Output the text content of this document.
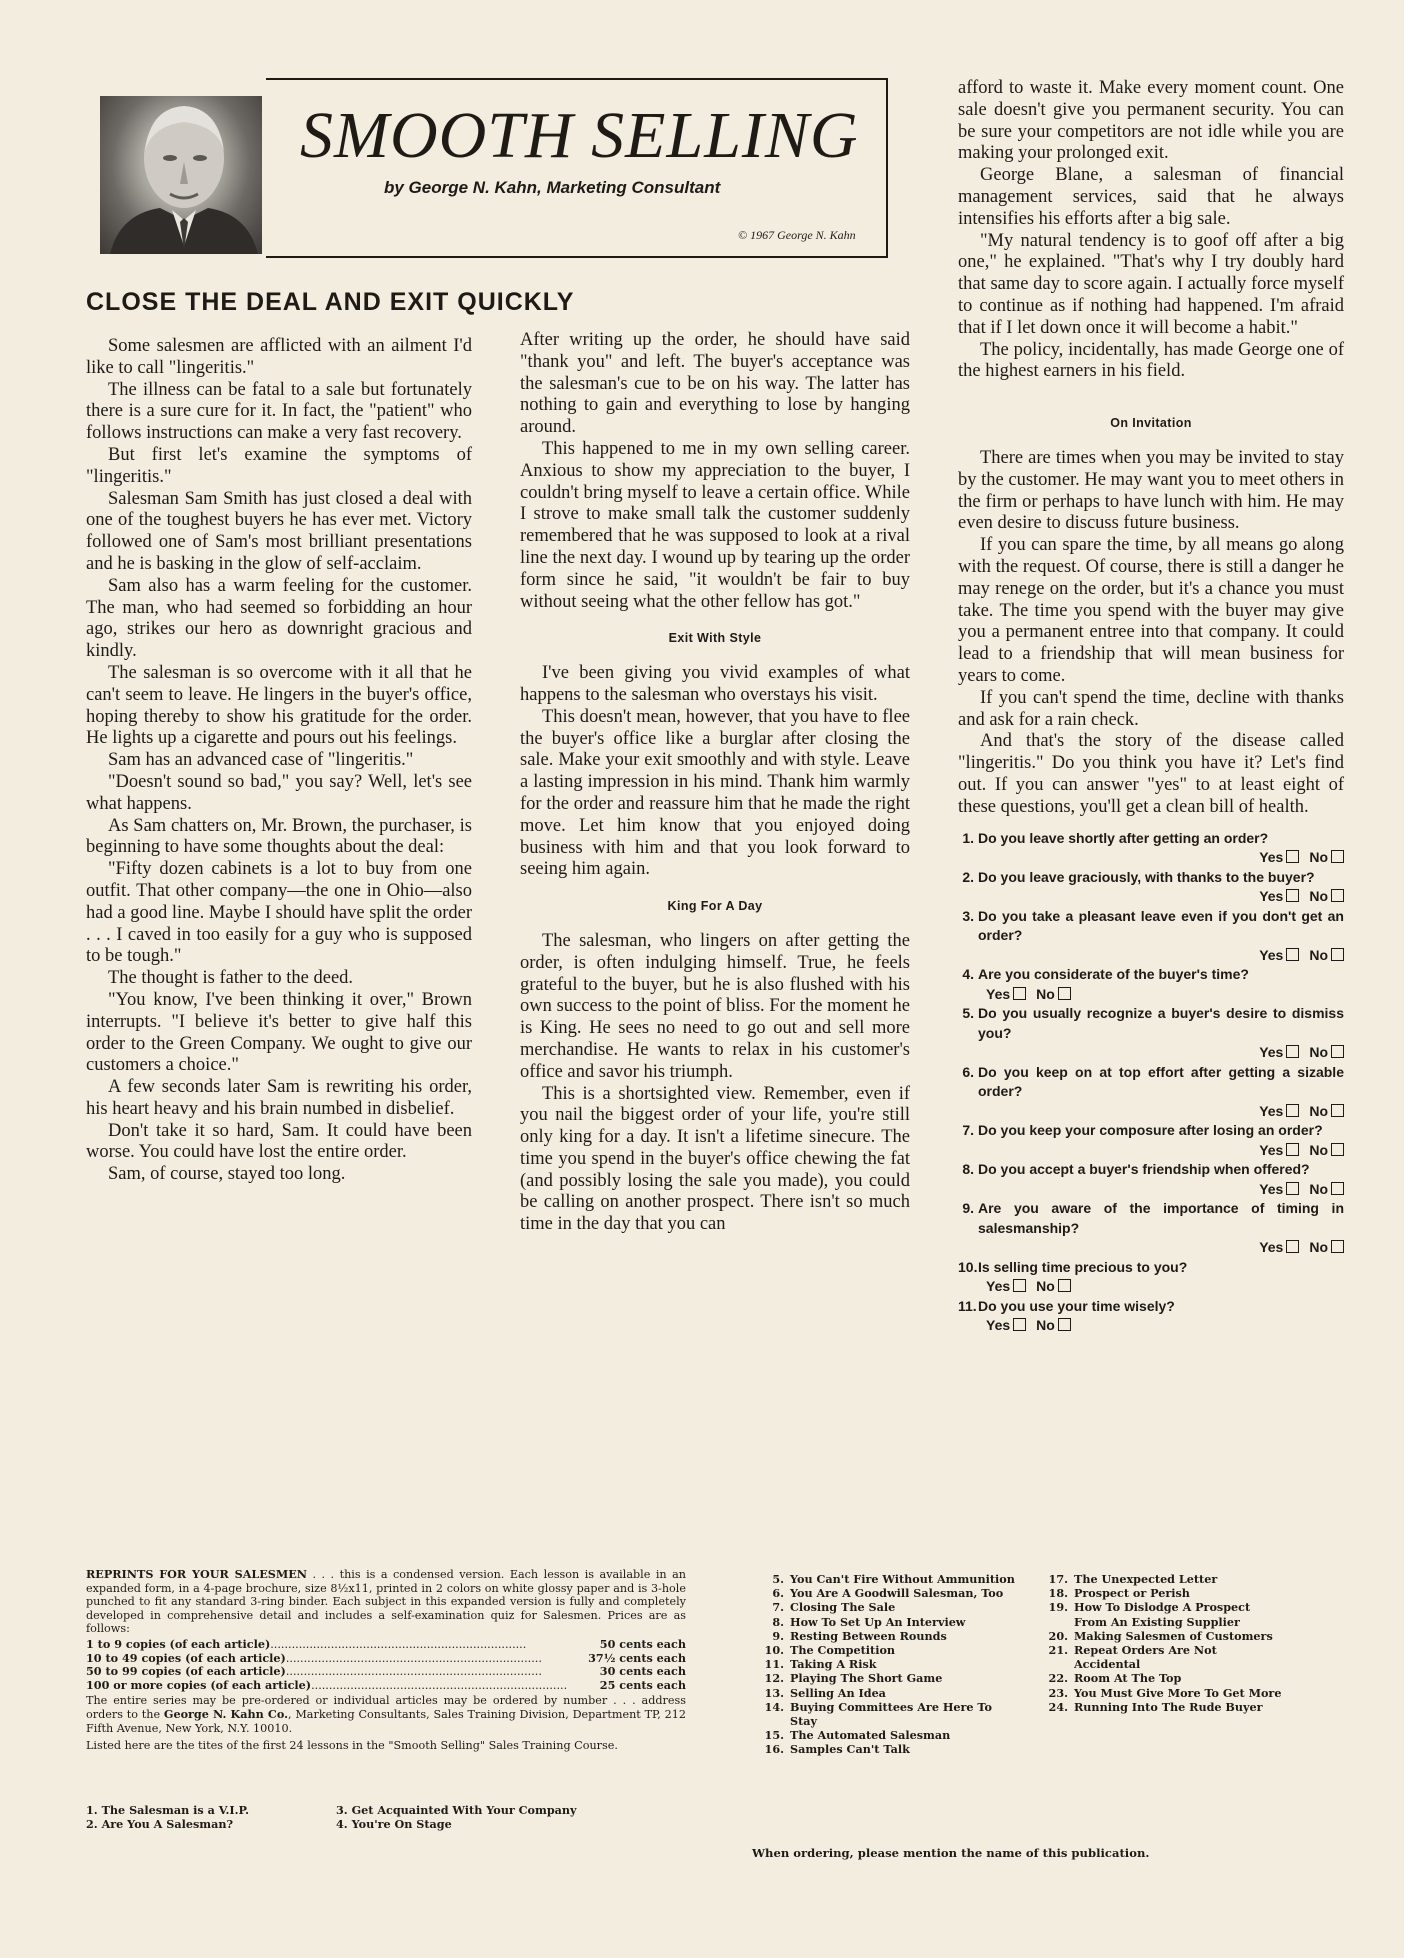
SMOOTH SELLING
by George N. Kahn, Marketing Consultant
© 1967 George N. Kahn
CLOSE THE DEAL AND EXIT QUICKLY

Some salesmen are afflicted with an ailment I'd like to call "lingeritis."

The illness can be fatal to a sale but fortunately there is a sure cure for it. In fact, the "patient" who follows instructions can make a very fast recovery.

But first let's examine the symptoms of "lingeritis."

Salesman Sam Smith has just closed a deal with one of the toughest buyers he has ever met. Victory followed one of Sam's most brilliant presentations and he is basking in the glow of self-acclaim.

Sam also has a warm feeling for the customer. The man, who had seemed so forbidding an hour ago, strikes our hero as downright gracious and kindly.

The salesman is so overcome with it all that he can't seem to leave. He lingers in the buyer's office, hoping thereby to show his gratitude for the order. He lights up a cigarette and pours out his feelings.

Sam has an advanced case of "lingeritis."

"Doesn't sound so bad," you say? Well, let's see what happens.

As Sam chatters on, Mr. Brown, the purchaser, is beginning to have some thoughts about the deal:

"Fifty dozen cabinets is a lot to buy from one outfit. That other company—the one in Ohio—also had a good line. Maybe I should have split the order . . . I caved in too easily for a guy who is supposed to be tough."

The thought is father to the deed.

"You know, I've been thinking it over," Brown interrupts. "I believe it's better to give half this order to the Green Company. We ought to give our customers a choice."

A few seconds later Sam is rewriting his order, his heart heavy and his brain numbed in disbelief.

Don't take it so hard, Sam. It could have been worse. You could have lost the entire order.

Sam, of course, stayed too long.

After writing up the order, he should have said "thank you" and left. The buyer's acceptance was the salesman's cue to be on his way. The latter has nothing to gain and everything to lose by hanging around.

This happened to me in my own selling career. Anxious to show my appreciation to the buyer, I couldn't bring myself to leave a certain office. While I strove to make small talk the customer suddenly remembered that he was supposed to look at a rival line the next day. I wound up by tearing up the order form since he said, "it wouldn't be fair to buy without seeing what the other fellow has got."

Exit With Style

I've been giving you vivid examples of what happens to the salesman who overstays his visit.

This doesn't mean, however, that you have to flee the buyer's office like a burglar after closing the sale. Make your exit smoothly and with style. Leave a lasting impression in his mind. Thank him warmly for the order and reassure him that he made the right move. Let him know that you enjoyed doing business with him and that you look forward to seeing him again.

King For A Day

The salesman, who lingers on after getting the order, is often indulging himself. True, he feels grateful to the buyer, but he is also flushed with his own success to the point of bliss. For the moment he is King. He sees no need to go out and sell more merchandise. He wants to relax in his customer's office and savor his triumph.

This is a shortsighted view. Remember, even if you nail the biggest order of your life, you're still only king for a day. It isn't a lifetime sinecure. The time you spend in the buyer's office chewing the fat (and possibly losing the sale you made), you could be calling on another prospect. There isn't so much time in the day that you can

afford to waste it. Make every moment count. One sale doesn't give you permanent security. You can be sure your competitors are not idle while you are making your prolonged exit.

George Blane, a salesman of financial management services, said that he always intensifies his efforts after a big sale.

"My natural tendency is to goof off after a big one," he explained. "That's why I try doubly hard that same day to score again. I actually force myself to continue as if nothing had happened. I'm afraid that if I let down once it will become a habit."

The policy, incidentally, has made George one of the highest earners in his field.

On Invitation

There are times when you may be invited to stay by the customer. He may want you to meet others in the firm or perhaps to have lunch with him. He may even desire to discuss future business.

If you can spare the time, by all means go along with the request. Of course, there is still a danger he may renege on the order, but it's a chance you must take. The time you spend with the buyer may give you a permanent entree into that company. It could lead to a friendship that will mean business for years to come.

If you can't spend the time, decline with thanks and ask for a rain check.

And that's the story of the disease called "lingeritis." Do you think you have it? Let's find out. If you can answer "yes" to at least eight of these questions, you'll get a clean bill of health.

1. Do you leave shortly after getting an order?
Yes	No
2. Do you leave graciously, with thanks to the buyer?
Yes	No
3. Do you take a pleasant leave even if you don't get an order?
Yes	No
4. Are you considerate of the buyer's time?
Yes	No
5. Do you usually recognize a buyer's desire to dismiss you?
Yes	No
6. Do you keep on at top effort after getting a sizable order?
Yes	No
7. Do you keep your composure after losing an order?
Yes	No
8. Do you accept a buyer's friendship when offered?
Yes	No
9. Are you aware of the importance of timing in salesmanship?
Yes	No
10. Is selling time precious to you?
Yes	No
11. Do you use your time wisely?
Yes	No

REPRINTS FOR YOUR SALESMEN . . . this is a condensed version. Each lesson is available in an expanded form, in a 4-page brochure, size 8½x11, printed in 2 colors on white glossy paper and is 3-hole punched to fit any standard 3-ring binder. Each subject in this expanded version is fully and completely developed in comprehensive detail and includes a self-examination quiz for Salesmen. Prices are as follows:

1 to 9 copies (of each article) .....	50 cents each
10 to 49 copies (of each article) .....	37½ cents each
50 to 99 copies (of each article) .....	30 cents each
100 or more copies (of each article) .....	25 cents each

The entire series may be pre-ordered or individual articles may be ordered by number . . . address orders to the George N. Kahn Co., Marketing Consultants, Sales Training Division, Department TP, 212 Fifth Avenue, New York, N.Y. 10010.

Listed here are the tites of the first 24 lessons in the "Smooth Selling" Sales Training Course.

1. The Salesman is a V.I.P.	3. Get Acquainted With Your Company
2. Are You A Salesman?	4. You're On Stage
5. You Can't Fire Without Ammunition
6. You Are A Goodwill Salesman, Too
7. Closing The Sale
8. How To Set Up An Interview
9. Resting Between Rounds
10. The Competition
11. Taking A Risk
12. Playing The Short Game
13. Selling An Idea
14. Buying Committees Are Here To Stay
15. The Automated Salesman
16. Samples Can't Talk
17. The Unexpected Letter
18. Prospect or Perish
19. How To Dislodge A Prospect From An Existing Supplier
20. Making Salesmen of Customers
21. Repeat Orders Are Not Accidental
22. Room At The Top
23. You Must Give More To Get More
24. Running Into The Rude Buyer
When ordering, please mention the name of this publication.
